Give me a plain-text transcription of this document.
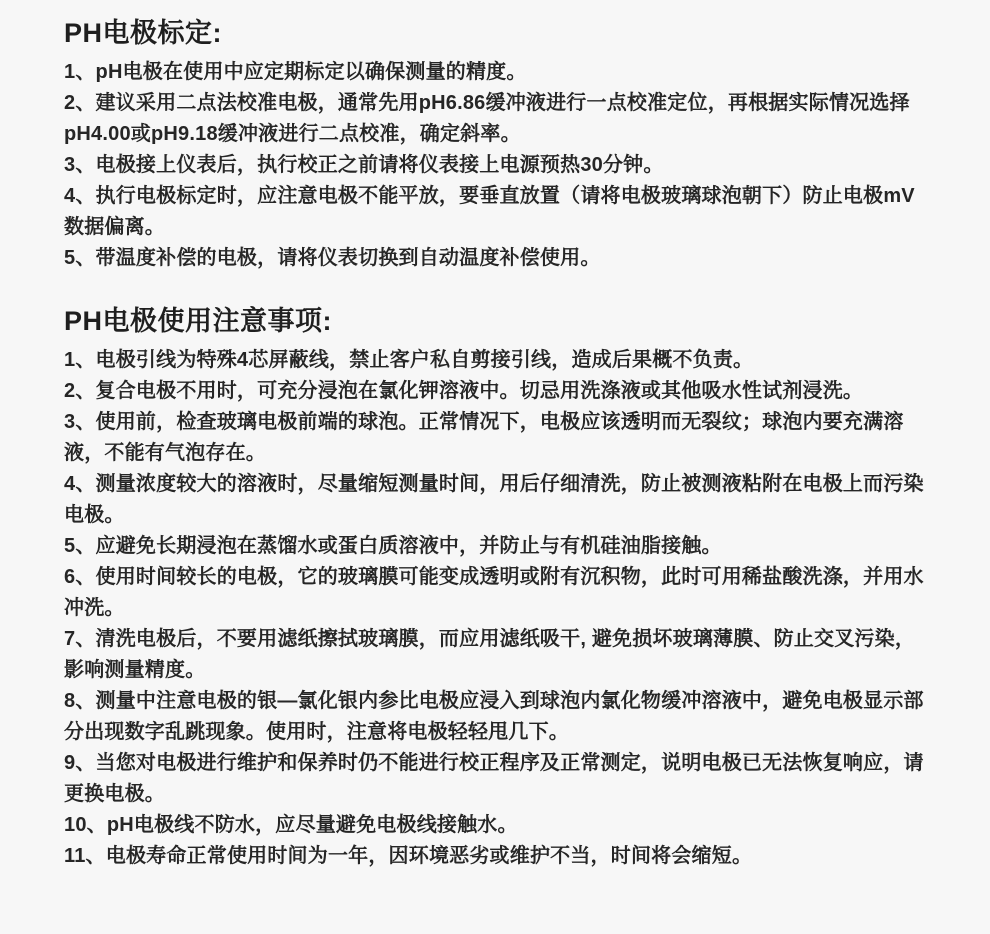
PH电极标定:

1、pH电极在使用中应定期标定以确保测量的精度。

2、建议采用二点法校准电极，通常先用pH6.86缓冲液进行一点校准定位，再根据实际情况选择pH4.00或pH9.18缓冲液进行二点校准，确定斜率。

3、电极接上仪表后，执行校正之前请将仪表接上电源预热30分钟。

4、执行电极标定时，应注意电极不能平放，要垂直放置（请将电极玻璃球泡朝下）防止电极mV数据偏离。

5、带温度补偿的电极，请将仪表切换到自动温度补偿使用。

PH电极使用注意事项:

1、电极引线为特殊4芯屏蔽线，禁止客户私自剪接引线，造成后果概不负责。

2、复合电极不用时，可充分浸泡在氯化钾溶液中。切忌用洗涤液或其他吸水性试剂浸洗。

3、使用前，检查玻璃电极前端的球泡。正常情况下，电极应该透明而无裂纹；球泡内要充满溶液，不能有气泡存在。

4、测量浓度较大的溶液时，尽量缩短测量时间，用后仔细清洗，防止被测液粘附在电极上而污染电极。

5、应避免长期浸泡在蒸馏水或蛋白质溶液中，并防止与有机硅油脂接触。

6、使用时间较长的电极，它的玻璃膜可能变成透明或附有沉积物，此时可用稀盐酸洗涤，并用水冲洗。

7、清洗电极后，不要用滤纸擦拭玻璃膜，而应用滤纸吸干, 避免损坏玻璃薄膜、防止交叉污染，影响测量精度。

8、测量中注意电极的银—氯化银内参比电极应浸入到球泡内氯化物缓冲溶液中，避免电极显示部分出现数字乱跳现象。使用时，注意将电极轻轻甩几下。

9、当您对电极进行维护和保养时仍不能进行校正程序及正常测定，说明电极已无法恢复响应，请更换电极。

10、pH电极线不防水，应尽量避免电极线接触水。

11、电极寿命正常使用时间为一年，因环境恶劣或维护不当，时间将会缩短。
